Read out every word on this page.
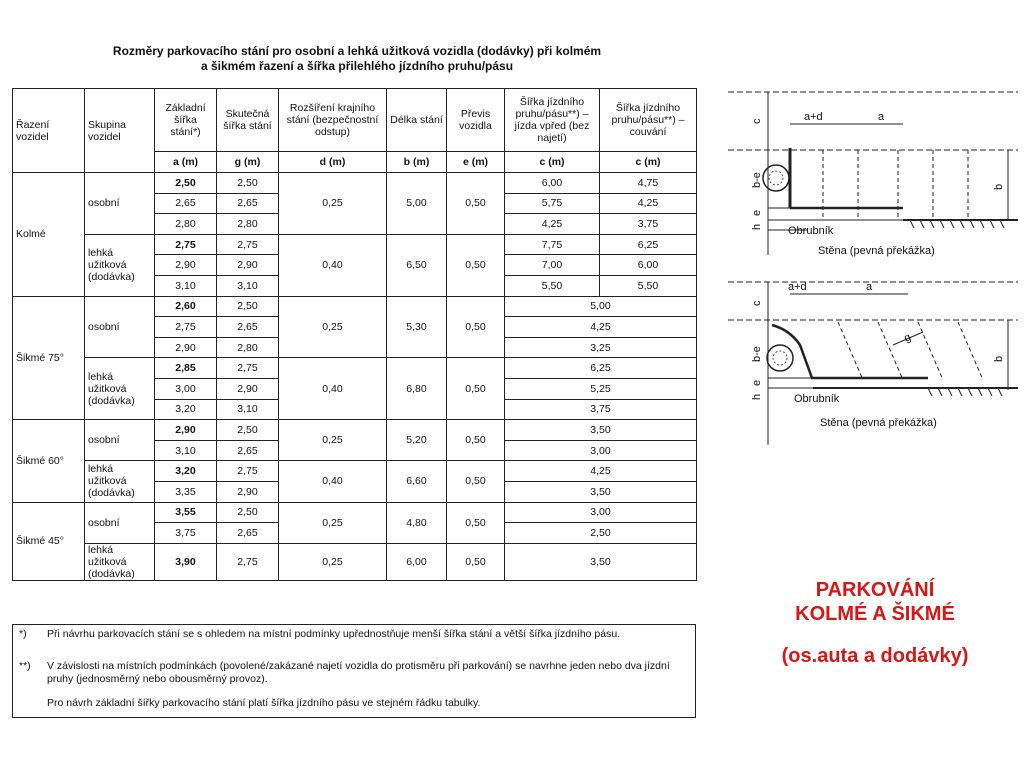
Rozměry parkovacího stání pro osobní a lehká užitková vozidla (dodávky) při kolmém
a šikmém řazení a šířka přilehlého jízdního pruhu/pásu
Řazení vozidel	Skupina vozidel	Základní šířka stání*)	Skutečná šířka stání	Rozšíření krajního stání (bezpečnostní odstup)	Délka stání	Převis vozidla	Šířka jízdního pruhu/pásu**) – jízda vpřed (bez najetí)	Šířka jízdního pruhu/pásu**) – couvání
		a (m)	g (m)	d (m)	b (m)	e (m)	c (m)	c (m)
Kolmé	osobní	2,50	2,50	0,25	5,00	0,50	6,00	4,75
		2,65	2,65				5,75	4,25
		2,80	2,80				4,25	3,75
	lehká užitková (dodávka)	2,75	2,75	0,40	6,50	0,50	7,75	6,25
		2,90	2,90				7,00	6,00
		3,10	3,10				5,50	5,50
Šikmé 75°	osobní	2,60	2,50	0,25	5,30	0,50	5,00	
		2,75	2,65				4,25	
		2,90	2,80				3,25	
	lehká užitková (dodávka)	2,85	2,75	0,40	6,80	0,50	6,25	
		3,00	2,90				5,25	
		3,20	3,10				3,75	
Šikmé 60°	osobní	2,90	2,50	0,25	5,20	0,50	3,50	
		3,10	2,65				3,00	
	lehká užitková (dodávka)	3,20	2,75	0,40	6,60	0,50	4,25	
		3,35	2,90				3,50	
Šikmé 45°	osobní	3,55	2,50	0,25	4,80	0,50	3,00	
		3,75	2,65				2,50	
	lehká užitková (dodávka)	3,90	2,75	0,25	6,00	0,50	3,50	
*) Při návrhu parkovacích stání se s ohledem na místní podmínky upřednostňuje menší šířka stání a větší šířka jízdního pásu.
**) V závislosti na místních podmínkách (povolené/zakázané najetí vozidla do protisměru při parkování) se navrhne jeden nebo dva jízdní pruhy (jednosměrný nebo obousměrný provoz).
Pro návrh základní šířky parkovacího stání platí šířka jízdního pásu ve stejném řádku tabulky.
c	a+d	a
b-e	b
e
h Obrubník
Stěna (pevná překážka)
c
a+d	a
g
b-e	b
e
h	Obrubník
Stěna (pevná překážka)
PARKOVÁNÍ
KOLMÉ A ŠIKMÉ
(os.auta a dodávky)
